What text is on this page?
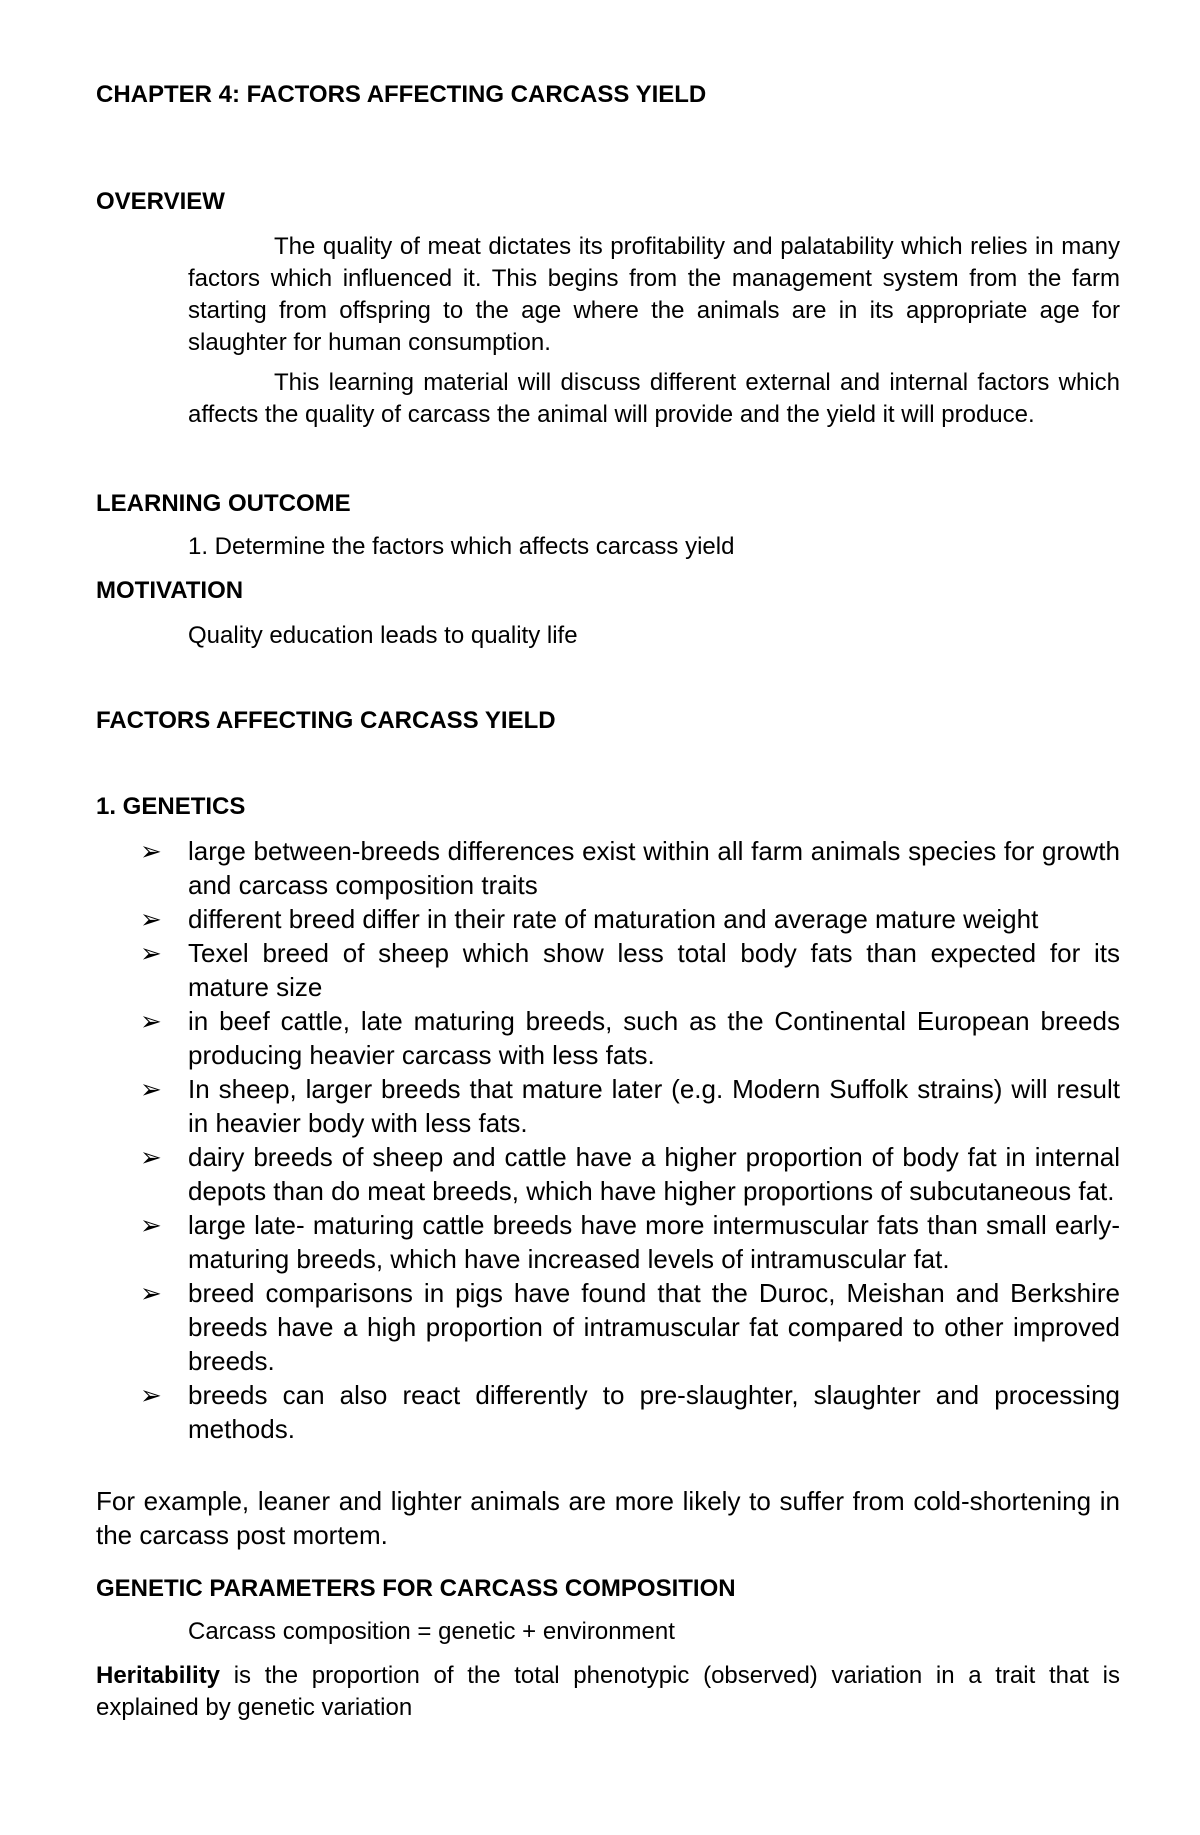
CHAPTER 4: FACTORS AFFECTING CARCASS YIELD
OVERVIEW
The quality of meat dictates its profitability and palatability which relies in many factors which influenced it. This begins from the management system from the farm starting from offspring to the age where the animals are in its appropriate age for slaughter for human consumption.
This learning material will discuss different external and internal factors which affects the quality of carcass the animal will provide and the yield it will produce.
LEARNING OUTCOME
1. Determine the factors which affects carcass yield
MOTIVATION
Quality education leads to quality life
FACTORS AFFECTING CARCASS YIELD
1. GENETICS
➢ large between-breeds differences exist within all farm animals species for growth and carcass composition traits
➢ different breed differ in their rate of maturation and average mature weight
➢ Texel breed of sheep which show less total body fats than expected for its mature size
➢ in beef cattle, late maturing breeds, such as the Continental European breeds producing heavier carcass with less fats.
➢ In sheep, larger breeds that mature later (e.g. Modern Suffolk strains) will result in heavier body with less fats.
➢ dairy breeds of sheep and cattle have a higher proportion of body fat in internal depots than do meat breeds, which have higher proportions of subcutaneous fat.
➢ large late- maturing cattle breeds have more intermuscular fats than small early-maturing breeds, which have increased levels of intramuscular fat.
➢ breed comparisons in pigs have found that the Duroc, Meishan and Berkshire breeds have a high proportion of intramuscular fat compared to other improved breeds.
➢ breeds can also react differently to pre-slaughter, slaughter and processing methods.
For example, leaner and lighter animals are more likely to suffer from cold-shortening in the carcass post mortem.
GENETIC PARAMETERS FOR CARCASS COMPOSITION
Carcass composition = genetic + environment
Heritability is the proportion of the total phenotypic (observed) variation in a trait that is explained by genetic variation
